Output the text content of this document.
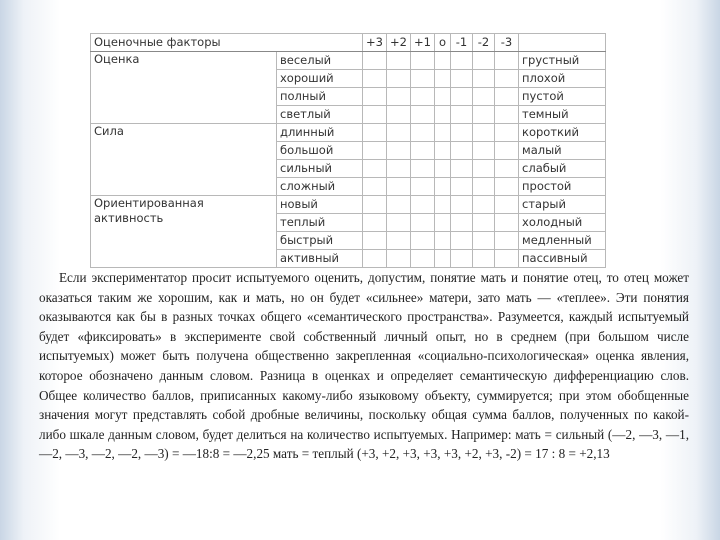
Оценочные факторы		+3	+2	+1	o	-1	-2	-3	
Оценка	веселый								грустный
	хороший								плохой
	полный								пустой
	светлый								темный
Сила	длинный								короткий
	большой								малый
	сильный								слабый
	сложный								простой
Ориентированная активность	новый								старый
	теплый								холодный
	быстрый								медленный
	активный								пассивный

Если экспериментатор просит испытуемого оценить, допустим, понятие мать и понятие отец, то отец может оказаться таким же хорошим, как и мать, но он будет «сильнее» матери, зато мать — «теплее». Эти понятия оказываются как бы в разных точках общего «семантического пространства». Разумеется, каждый испытуемый будет «фиксировать» в эксперименте свой собственный личный опыт, но в среднем (при большом числе испытуемых) может быть получена общественно закрепленная «социально-психологическая» оценка явления, которое обозначено данным словом. Разница в оценках и определяет семантическую дифференциацию слов. Общее количество баллов, приписанных какому-либо языковому объекту, суммируется; при этом обобщенные значения могут представлять собой дробные величины, поскольку общая сумма баллов, полученных по какой-либо шкале данным словом, будет делиться на количество испытуемых. Например: мать = сильный (—2, —3, —1, —2, —3, —2, —2, —3) = —18:8 = —2,25 мать = теплый (+3, +2, +3, +3, +3, +2, +3, -2) = 17 : 8 = +2,13
